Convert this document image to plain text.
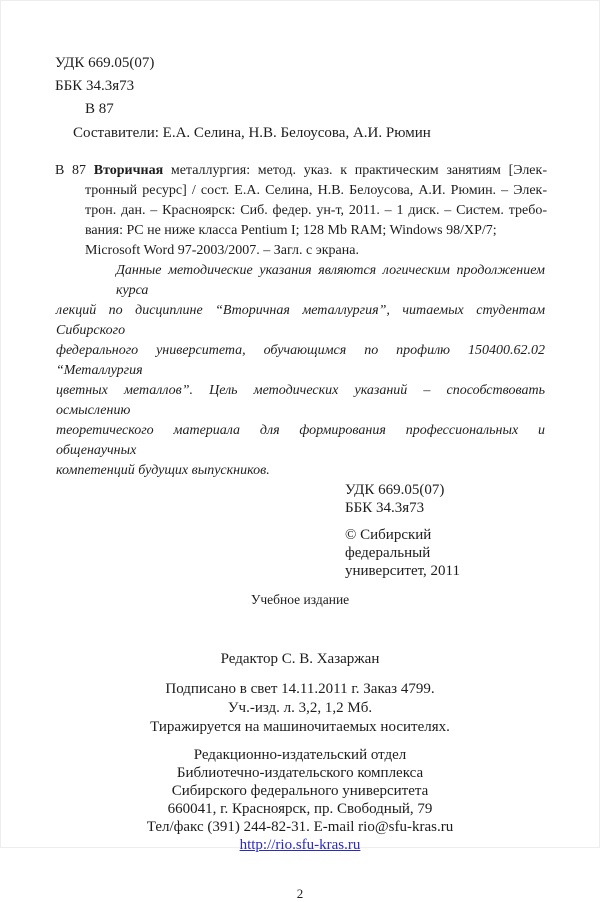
УДК 669.05(07)
ББК 34.3я73
В 87
Составители: Е.А. Селина, Н.В. Белоусова, А.И. Рюмин
В 87 Вторичная металлургия: метод. указ. к практическим занятиям [Элек-
тронный ресурс] / сост. Е.А. Селина, Н.В. Белоусова, А.И. Рюмин. – Элек-
трон. дан. – Красноярск: Сиб. федер. ун-т, 2011. – 1 диск. – Систем. требо-
вания: PC не ниже класса Pentium I; 128 Mb RAM; Windows 98/XP/7;
Microsoft Word 97-2003/2007. – Загл. с экрана.
Данные методические указания являются логическим продолжением курса
лекций по дисциплине “Вторичная металлургия”, читаемых студентам Сибирского
федерального университета, обучающимся по профилю 150400.62.02 “Металлургия
цветных металлов”. Цель методических указаний – способствовать осмыслению
теоретического материала для формирования профессиональных и общенаучных
компетенций будущих выпускников.
УДК 669.05(07)
ББК 34.3я73
© Сибирский
федеральный
университет, 2011
Учебное издание
Редактор С. В. Хазаржан
Подписано в свет 14.11.2011 г. Заказ 4799.
Уч.-изд. л. 3,2, 1,2 Мб.
Тиражируется на машиночитаемых носителях.
Редакционно-издательский отдел
Библиотечно-издательского комплекса
Сибирского федерального университета
660041, г. Красноярск, пр. Свободный, 79
Тел/факс (391) 244-82-31. E-mail rio@sfu-kras.ru
http://rio.sfu-kras.ru
2
